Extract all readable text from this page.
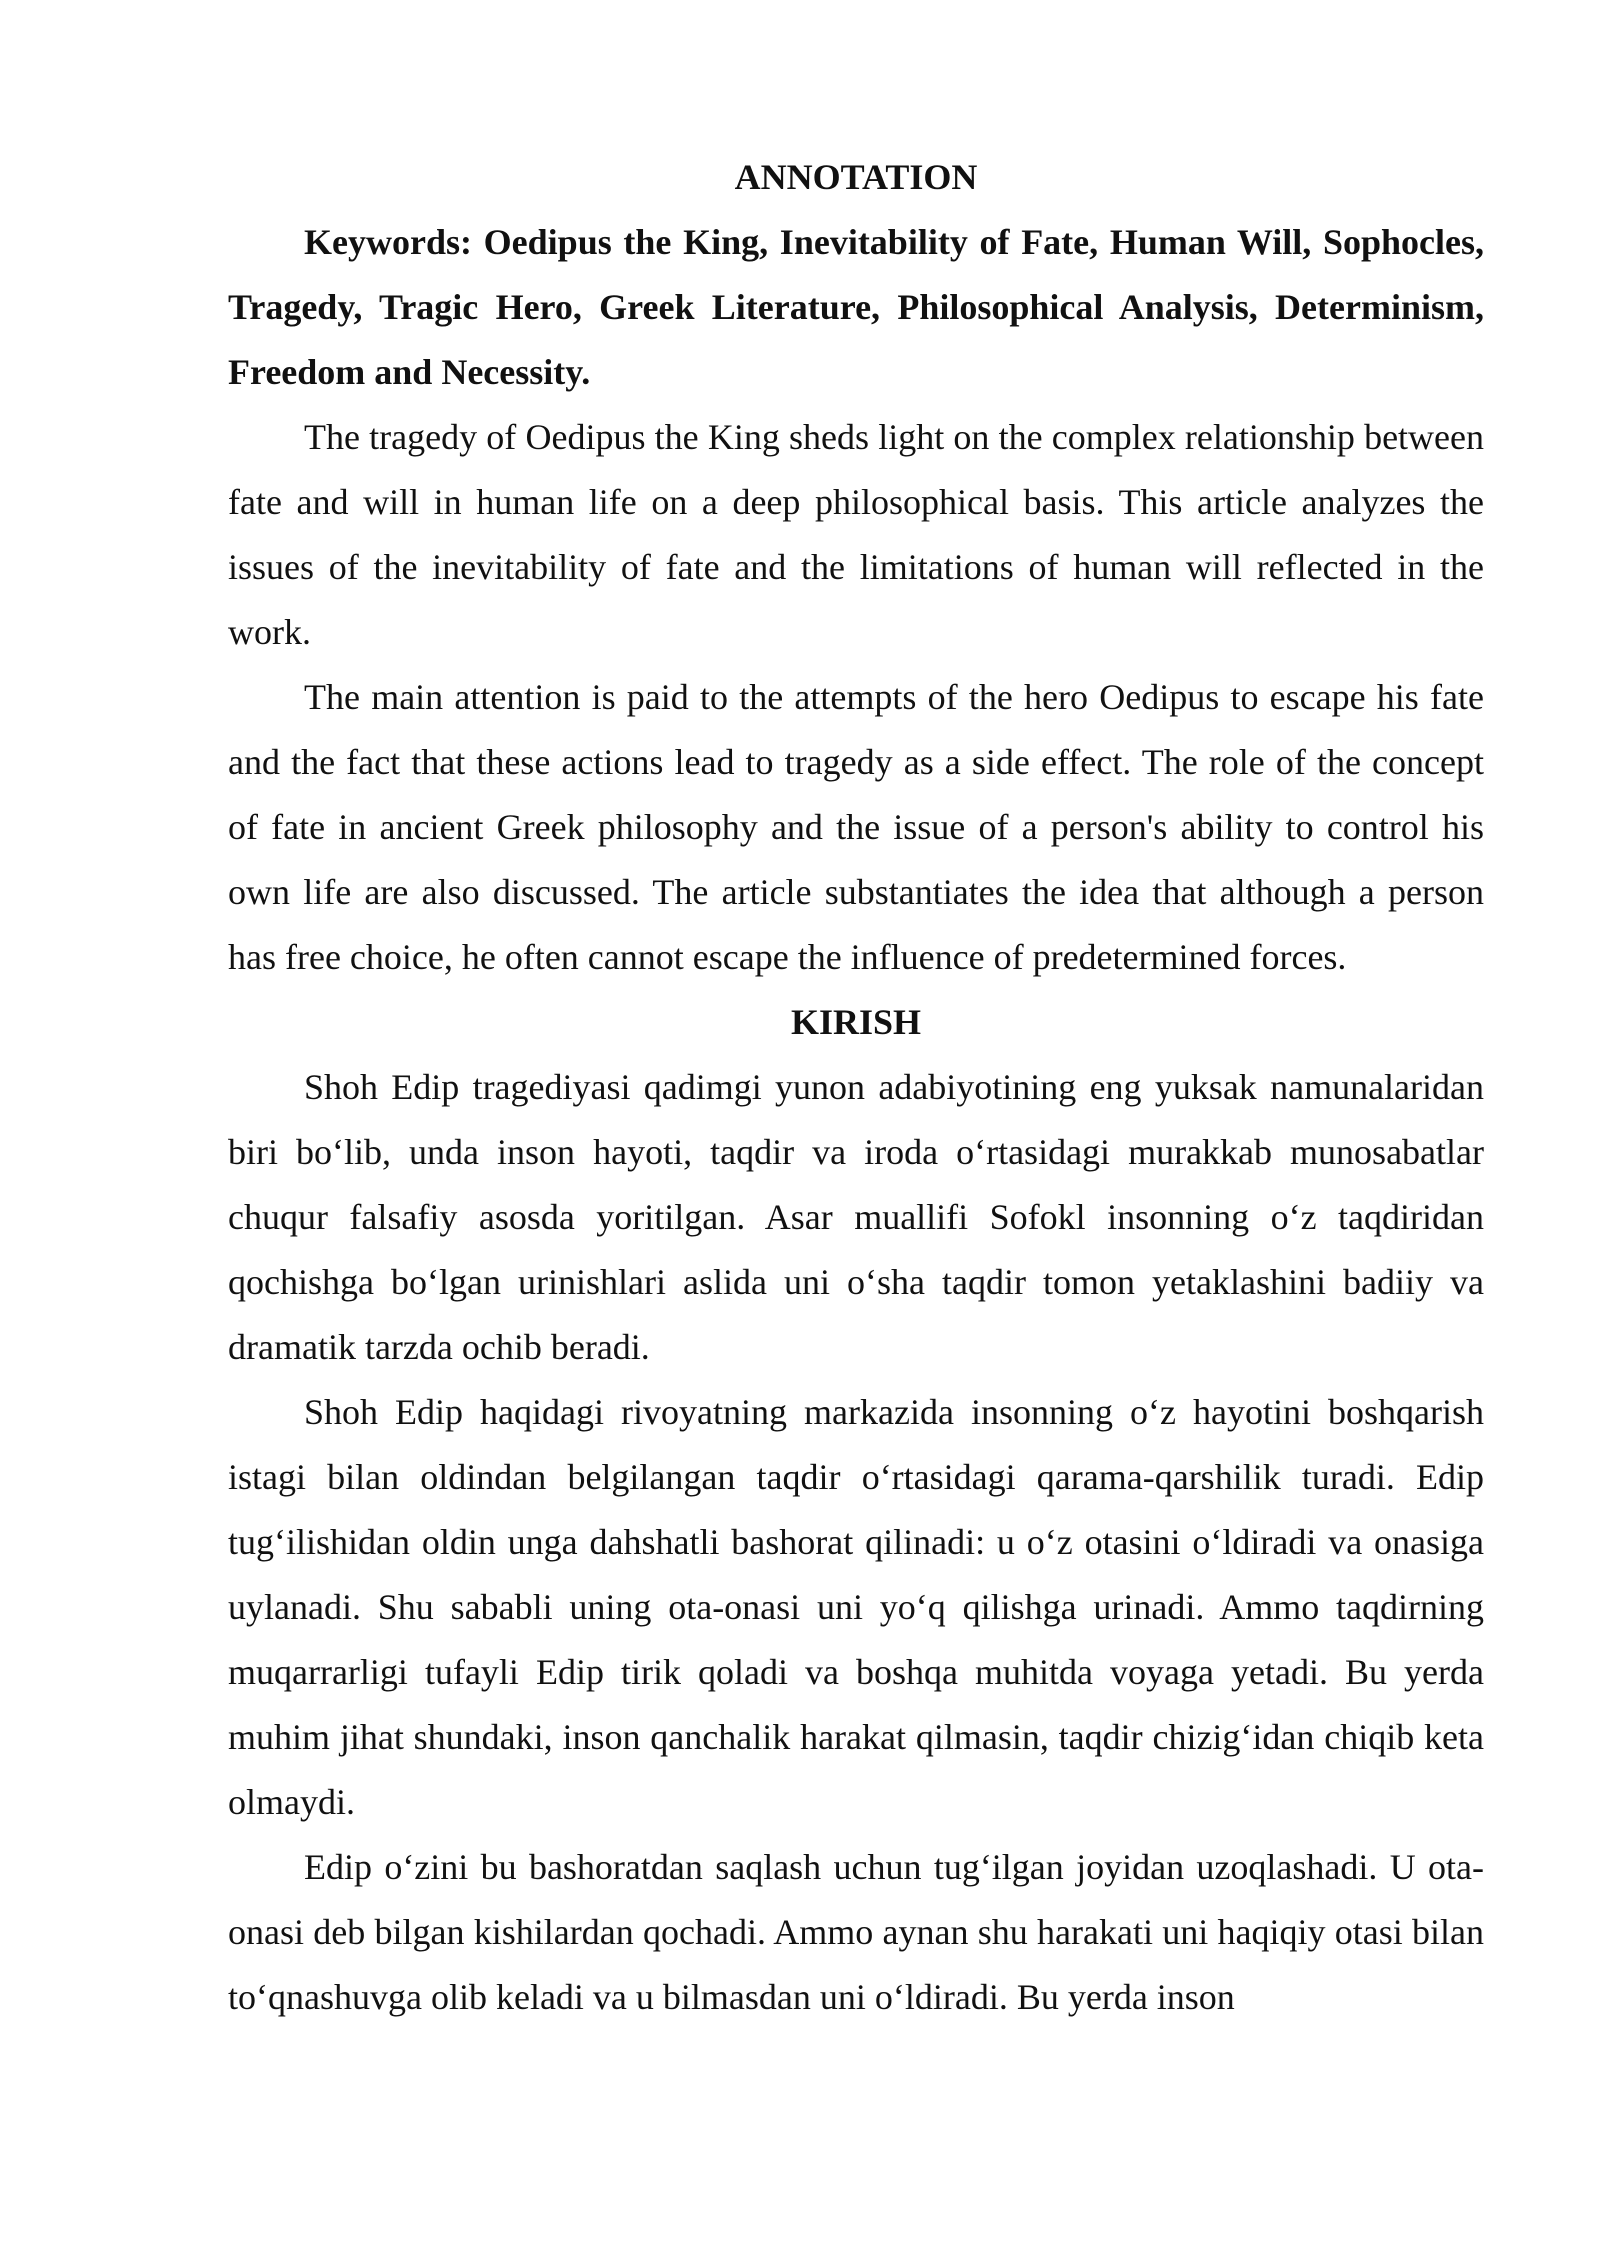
ANNOTATION

Keywords: Oedipus the King, Inevitability of Fate, Human Will, Sophocles, Tragedy, Tragic Hero, Greek Literature, Philosophical Analysis, Determinism, Freedom and Necessity.

The tragedy of Oedipus the King sheds light on the complex relationship between fate and will in human life on a deep philosophical basis. This article analyzes the issues of the inevitability of fate and the limitations of human will reflected in the work.

The main attention is paid to the attempts of the hero Oedipus to escape his fate and the fact that these actions lead to tragedy as a side effect. The role of the concept of fate in ancient Greek philosophy and the issue of a person's ability to control his own life are also discussed. The article substantiates the idea that although a person has free choice, he often cannot escape the influence of predetermined forces.

KIRISH

Shoh Edip tragediyasi qadimgi yunon adabiyotining eng yuksak namunalaridan biri bo‘lib, unda inson hayoti, taqdir va iroda o‘rtasidagi murakkab munosabatlar chuqur falsafiy asosda yoritilgan. Asar muallifi Sofokl insonning o‘z taqdiridan qochishga bo‘lgan urinishlari aslida uni o‘sha taqdir tomon yetaklashini badiiy va dramatik tarzda ochib beradi.

Shoh Edip haqidagi rivoyatning markazida insonning o‘z hayotini boshqarish istagi bilan oldindan belgilangan taqdir o‘rtasidagi qarama-qarshilik turadi. Edip tug‘ilishidan oldin unga dahshatli bashorat qilinadi: u o‘z otasini o‘ldiradi va onasiga uylanadi. Shu sababli uning ota-onasi uni yo‘q qilishga urinadi. Ammo taqdirning muqarrarligi tufayli Edip tirik qoladi va boshqa muhitda voyaga yetadi. Bu yerda muhim jihat shundaki, inson qanchalik harakat qilmasin, taqdir chizig‘idan chiqib keta olmaydi.

Edip o‘zini bu bashoratdan saqlash uchun tug‘ilgan joyidan uzoqlashadi. U ota-onasi deb bilgan kishilardan qochadi. Ammo aynan shu harakati uni haqiqiy otasi bilan to‘qnashuvga olib keladi va u bilmasdan uni o‘ldiradi. Bu yerda inson
